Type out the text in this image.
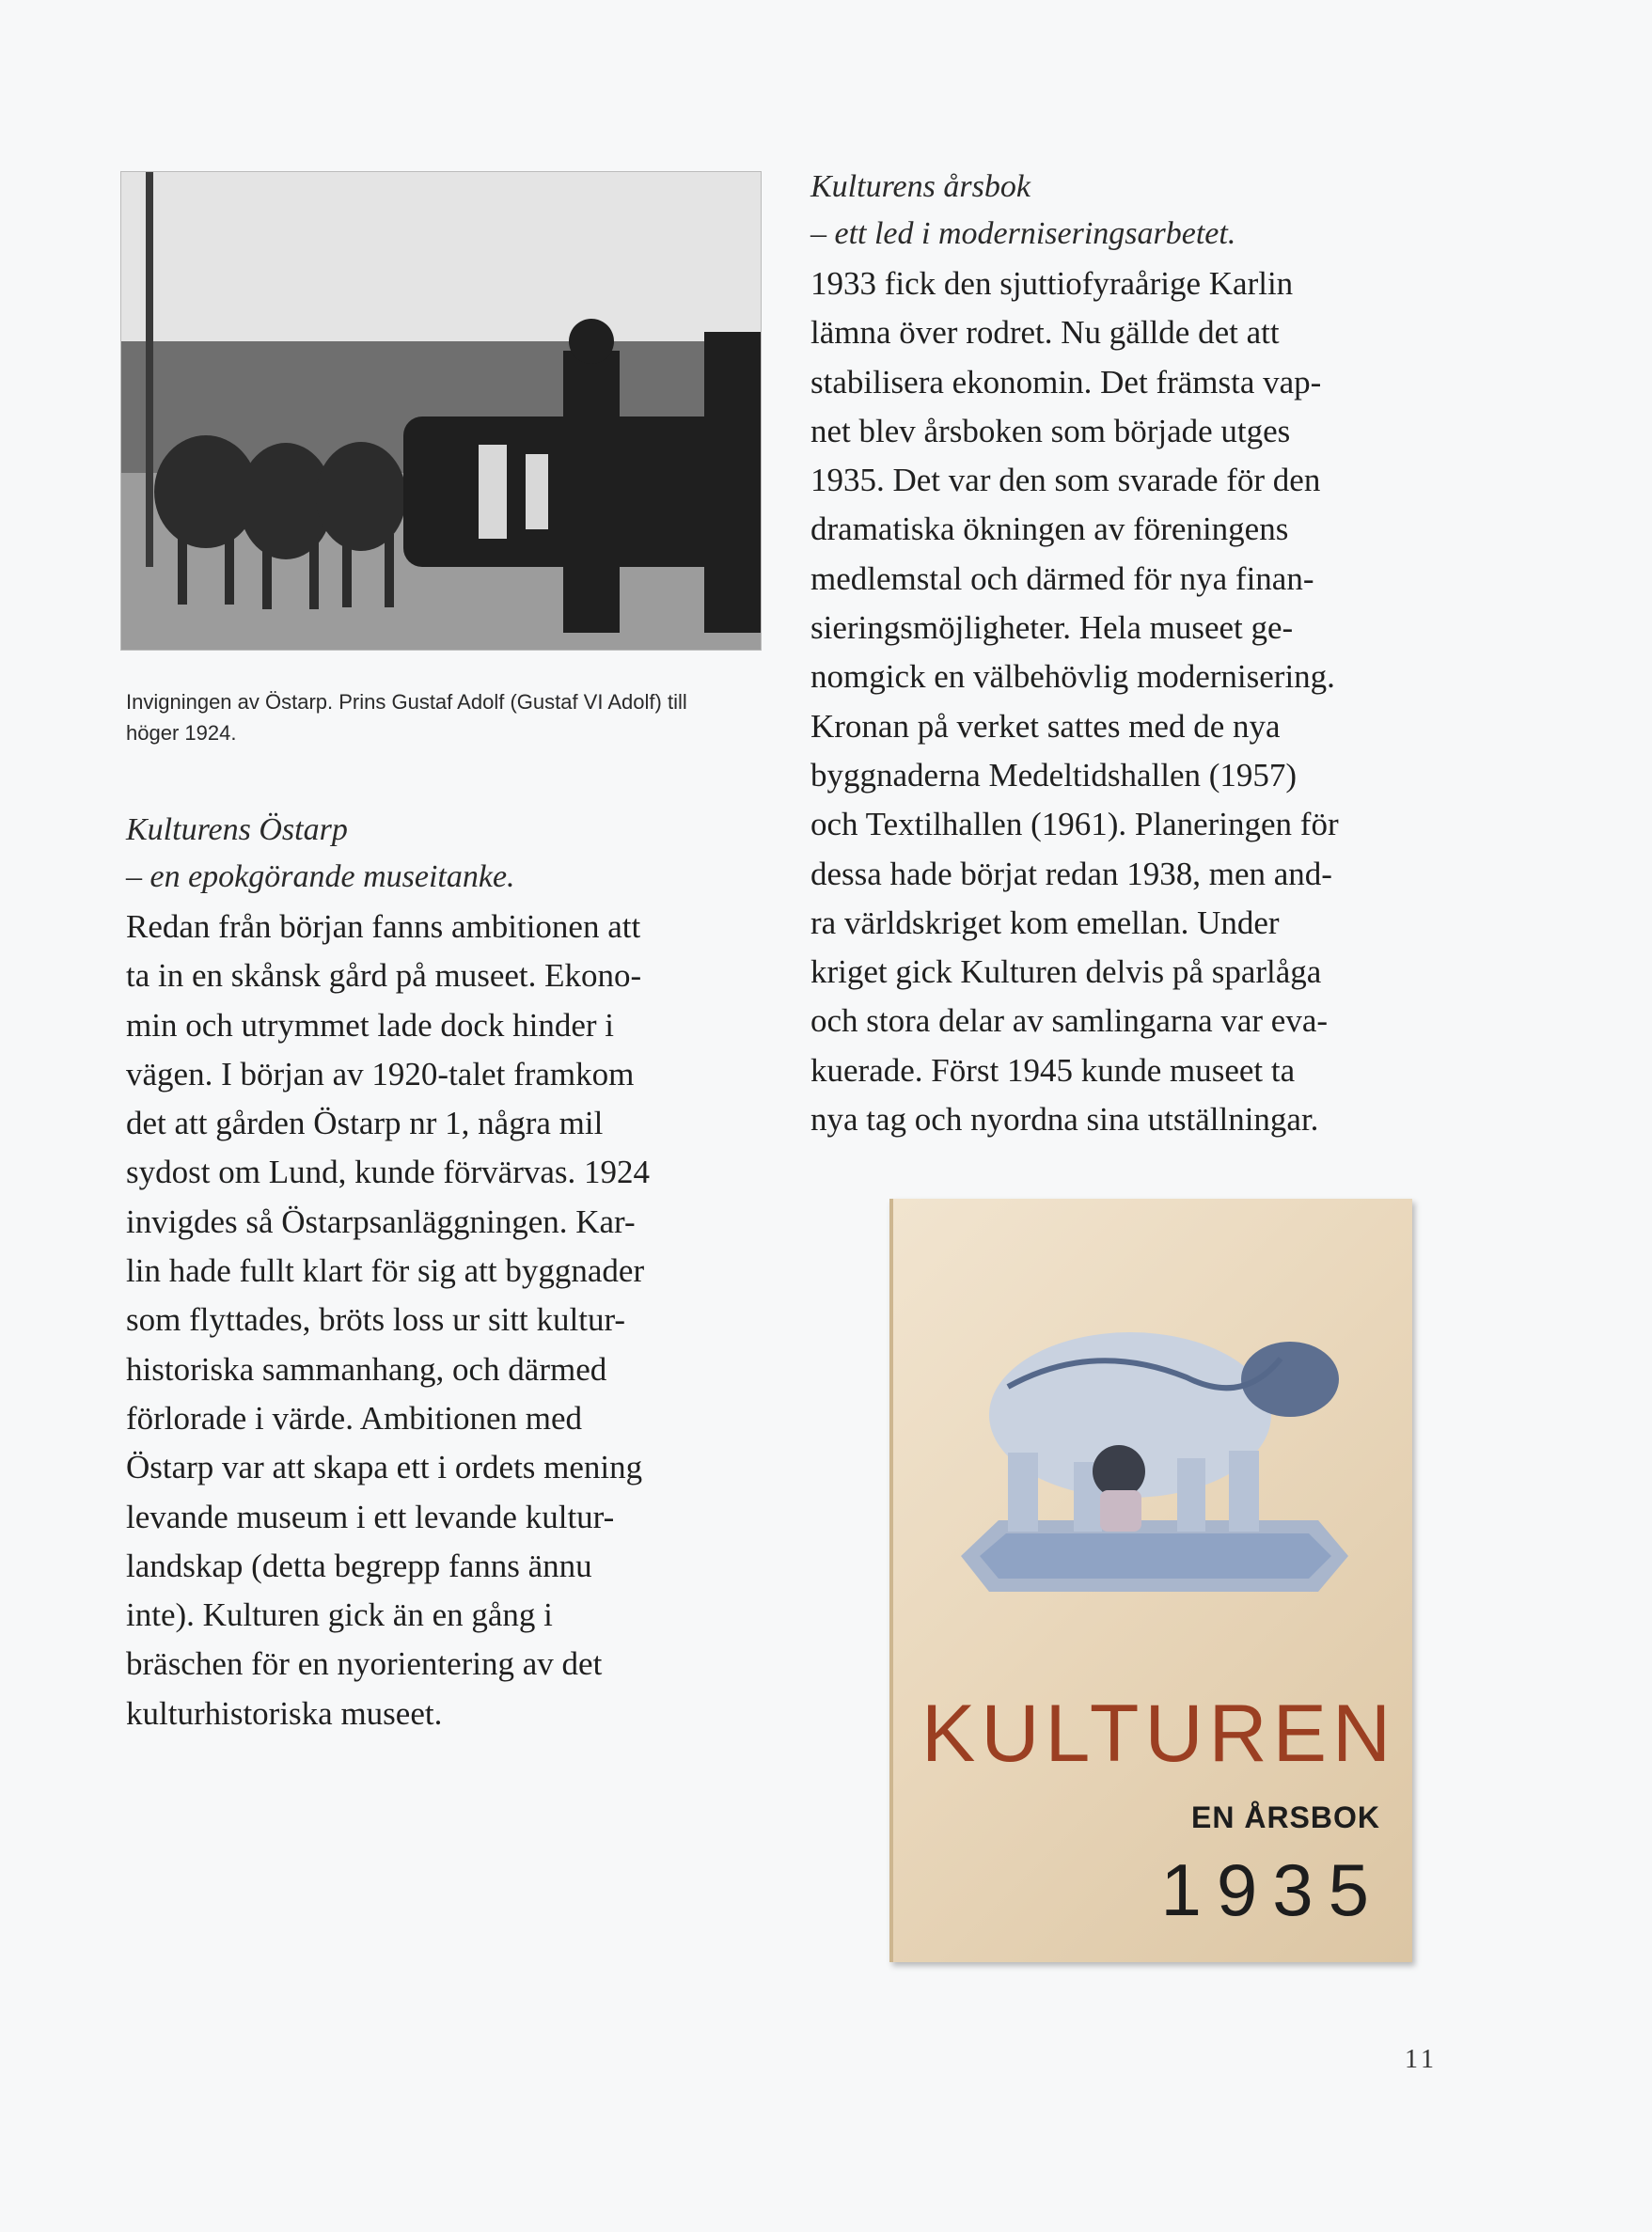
Invigningen av Östarp. Prins Gustaf Adolf (Gustaf VI Adolf) till höger 1924.
Kulturens Östarp
– en epokgörande museitanke.
Redan från början fanns ambitionen att
ta in en skånsk gård på museet. Ekono-
min och utrymmet lade dock hinder i
vägen. I början av 1920-talet framkom
det att gården Östarp nr 1, några mil
sydost om Lund, kunde förvärvas. 1924
invigdes så Östarpsanläggningen. Kar-
lin hade fullt klart för sig att byggnader
som flyttades, bröts loss ur sitt kultur-
historiska sammanhang, och därmed
förlorade i värde. Ambitionen med
Östarp var att skapa ett i ordets mening
levande museum i ett levande kultur-
landskap (detta begrepp fanns ännu
inte). Kulturen gick än en gång i
bräschen för en nyorientering av det
kulturhistoriska museet.
Kulturens årsbok
– ett led i moderniseringsarbetet.
1933 fick den sjuttiofyraårige Karlin
lämna över rodret. Nu gällde det att
stabilisera ekonomin. Det främsta vap-
net blev årsboken som började utges
1935. Det var den som svarade för den
dramatiska ökningen av föreningens
medlemstal och därmed för nya finan-
sieringsmöjligheter. Hela museet ge-
nomgick en välbehövlig modernisering.
Kronan på verket sattes med de nya
byggnaderna Medeltidshallen (1957)
och Textilhallen (1961). Planeringen för
dessa hade börjat redan 1938, men and-
ra världskriget kom emellan. Under
kriget gick Kulturen delvis på sparlåga
och stora delar av samlingarna var eva-
kuerade. Först 1945 kunde museet ta
nya tag och nyordna sina utställningar.
KULTUREN
EN ÅRSBOK
1935
11
